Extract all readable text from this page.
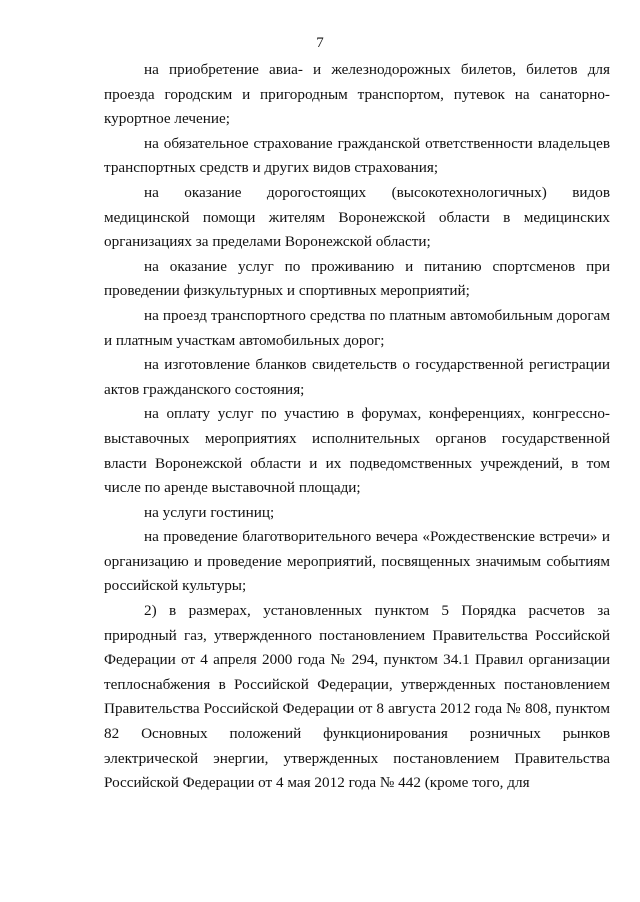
7

на приобретение авиа- и железнодорожных билетов, билетов для проезда городским и пригородным транспортом, путевок на санаторно-курортное лечение;

на обязательное страхование гражданской ответственности владельцев транспортных средств и других видов страхования;

на оказание дорогостоящих (высокотехнологичных) видов медицинской помощи жителям Воронежской области в медицинских организациях за пределами Воронежской области;

на оказание услуг по проживанию и питанию спортсменов при проведении физкультурных и спортивных мероприятий;

на проезд транспортного средства по платным автомобильным дорогам и платным участкам автомобильных дорог;

на изготовление бланков свидетельств о государственной регистрации актов гражданского состояния;

на оплату услуг по участию в форумах, конференциях, конгрессно-выставочных мероприятиях исполнительных органов государственной власти Воронежской области и их подведомственных учреждений, в том числе по аренде выставочной площади;

на услуги гостиниц;

на проведение благотворительного вечера «Рождественские встречи» и организацию и проведение мероприятий, посвященных значимым событиям российской культуры;

2) в размерах, установленных пунктом 5 Порядка расчетов за природный газ, утвержденного постановлением Правительства Российской Федерации от 4 апреля 2000 года № 294, пунктом 34.1 Правил организации теплоснабжения в Российской Федерации, утвержденных постановлением Правительства Российской Федерации от 8 августа 2012 года № 808, пунктом 82 Основных положений функционирования розничных рынков электрической энергии, утвержденных постановлением Правительства Российской Федерации от 4 мая 2012 года № 442 (кроме того, для
